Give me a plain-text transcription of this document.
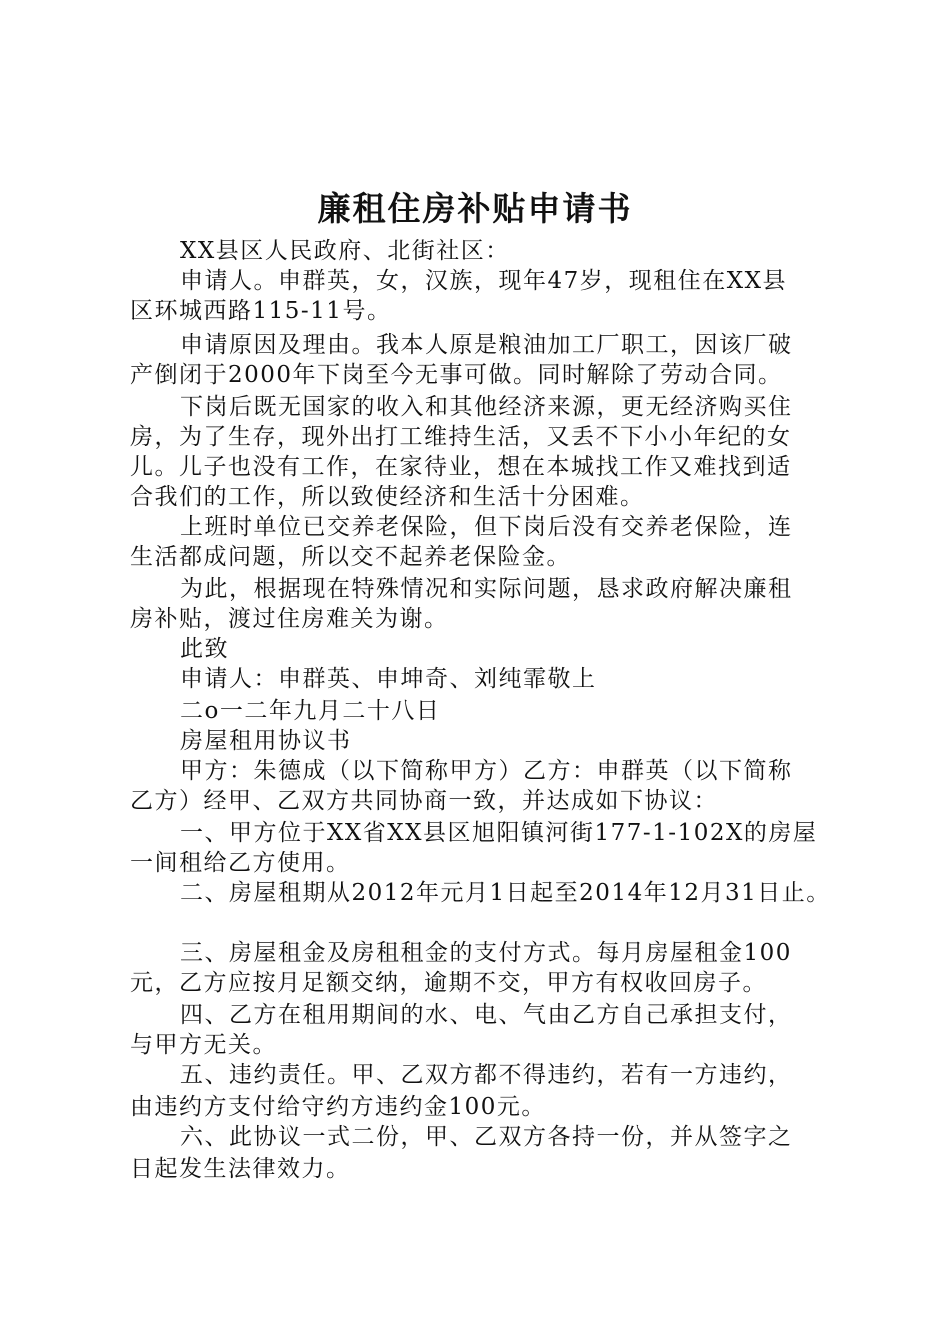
廉租住房补贴申请书
XX县区人民政府、北街社区：
申请人。申群英，女，汉族，现年47岁，现租住在XX县
区环城西路115-11号。
申请原因及理由。我本人原是粮油加工厂职工，因该厂破
产倒闭于2000年下岗至今无事可做。同时解除了劳动合同。
下岗后既无国家的收入和其他经济来源，更无经济购买住
房，为了生存，现外出打工维持生活，又丢不下小小年纪的女
儿。儿子也没有工作，在家待业，想在本城找工作又难找到适
合我们的工作，所以致使经济和生活十分困难。
上班时单位已交养老保险，但下岗后没有交养老保险，连
生活都成问题，所以交不起养老保险金。
为此，根据现在特殊情况和实际问题，恳求政府解决廉租
房补贴，渡过住房难关为谢。
此致
申请人：申群英、申坤奇、刘纯霏敬上
二o一二年九月二十八日
房屋租用协议书
甲方：朱德成（以下简称甲方）乙方：申群英（以下简称
乙方）经甲、乙双方共同协商一致，并达成如下协议：
一、甲方位于XX省XX县区旭阳镇河街177-1-102X的房屋
一间租给乙方使用。
二、房屋租期从2012年元月1日起至2014年12月31日止。
三、房屋租金及房租租金的支付方式。每月房屋租金100
元，乙方应按月足额交纳，逾期不交，甲方有权收回房子。
四、乙方在租用期间的水、电、气由乙方自己承担支付，
与甲方无关。
五、违约责任。甲、乙双方都不得违约，若有一方违约，
由违约方支付给守约方违约金100元。
六、此协议一式二份，甲、乙双方各持一份，并从签字之
日起发生法律效力。
